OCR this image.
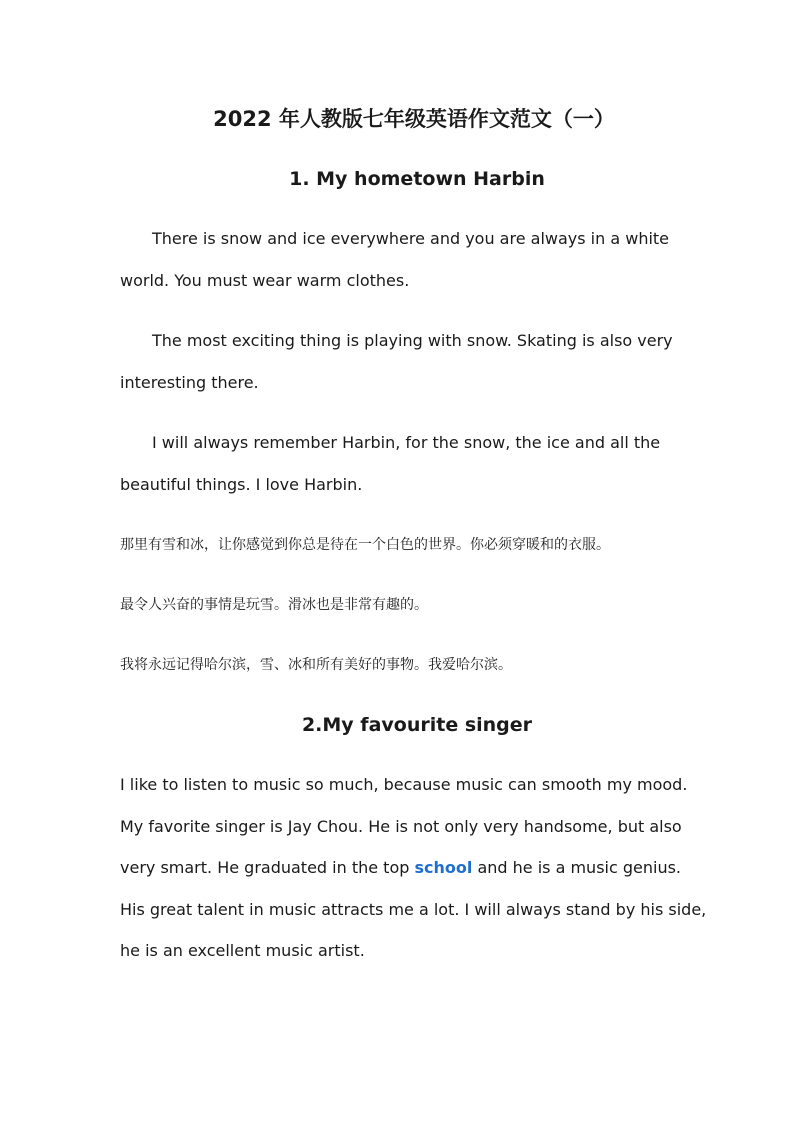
2022 年人教版七年级英语作文范文（一）
1. My hometown Harbin

There is snow and ice everywhere and you are always in a white
world. You must wear warm clothes.

The most exciting thing is playing with snow. Skating is also very
interesting there.

I will always remember Harbin, for the snow, the ice and all the
beautiful things. I love Harbin.

那里有雪和冰，让你感觉到你总是待在一个白色的世界。你必须穿暖和的衣服。
最令人兴奋的事情是玩雪。滑冰也是非常有趣的。
我将永远记得哈尔滨，雪、冰和所有美好的事物。我爱哈尔滨。
2.My favourite singer

I like to listen to music so much, because music can smooth my mood.
My favorite singer is Jay Chou. He is not only very handsome, but also
very smart. He graduated in the top school and he is a music genius.
His great talent in music attracts me a lot. I will always stand by his side,
he is an excellent music artist.
